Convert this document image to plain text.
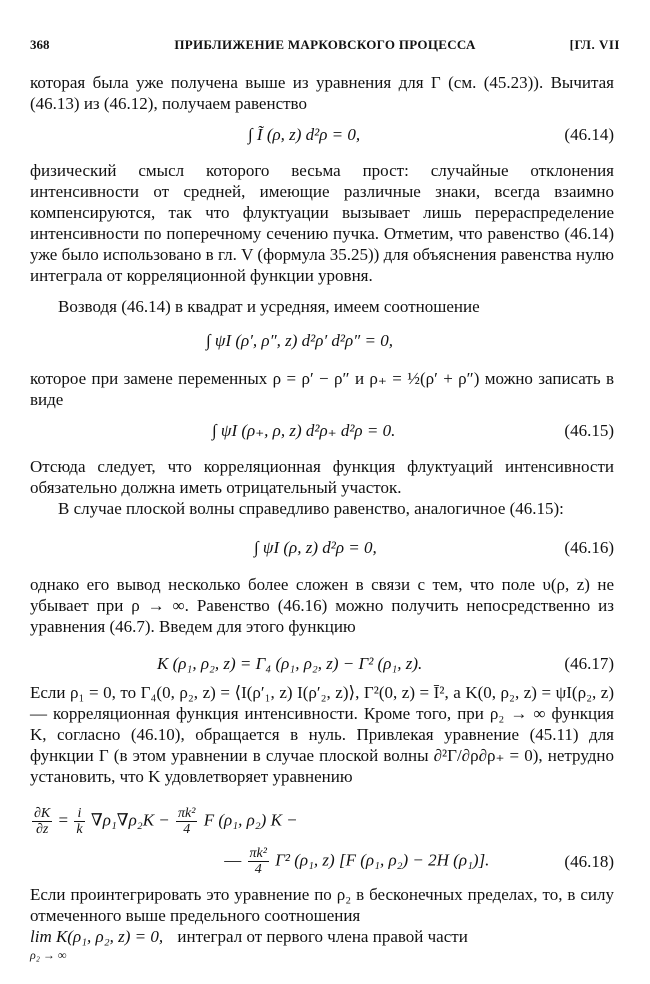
368	ПРИБЛИЖЕНИЕ МАРКОВСКОГО ПРОЦЕССА	[ГЛ. VII
которая была уже получена выше из уравнения для Γ (см. (45.23)). Вычитая (46.13) из (46.12), получаем равенство
∫ Ĩ (ρ, z) d²ρ = 0,	(46.14)
физический смысл которого весьма прост: случайные отклонения интенсивности от средней, имеющие различные знаки, всегда взаимно компенсируются, так что флуктуации вызывает лишь перераспределение интенсивности по поперечному сечению пучка. Отметим, что равенство (46.14) уже было использовано в гл. V (формула 35.25)) для объяснения равенства нулю интеграла от корреляционной функции уровня.
Возводя (46.14) в квадрат и усредняя, имеем соотношение
∫ ψI (ρ′, ρ″, z) d²ρ′ d²ρ″ = 0,
которое при замене переменных ρ = ρ′ − ρ″ и ρ₊ = ½(ρ′ + ρ″) можно записать в виде
∫ ψI (ρ₊, ρ, z) d²ρ₊ d²ρ = 0.	(46.15)
Отсюда следует, что корреляционная функция флуктуаций интенсивности обязательно должна иметь отрицательный участок.
В случае плоской волны справедливо равенство, аналогичное (46.15):
∫ ψI (ρ, z) d²ρ = 0,	(46.16)
однако его вывод несколько более сложен в связи с тем, что поле υ(ρ, z) не убывает при ρ → ∞. Равенство (46.16) можно получить непосредственно из уравнения (46.7). Введем для этого функцию
K (ρ₁, ρ₂, z) = Γ₄ (ρ₁, ρ₂, z) − Γ² (ρ₁, z).	(46.17)
Если ρ₁ = 0, то Γ₄(0, ρ₂, z) = ⟨I(ρ′₁, z) I(ρ′₂, z)⟩, Γ²(0, z) = Ī², а K(0, ρ₂, z) = ψI(ρ₂, z) — корреляционная функция интенсивности. Кроме того, при ρ₂ → ∞ функция K, согласно (46.10), обращается в нуль. Привлекая уравнение (45.11) для функции Γ (в этом уравнении в случае плоской волны ∂²Γ/∂ρ∂ρ₊ = 0), нетрудно установить, что K удовлетворяет уравнению
$\frac{\partial K}{\partial z} = \frac{i}{k} \nabla\rho_1\nabla\rho_2K - \frac{\text{πk²}}{4}$ F (ρ₁, ρ₂) K −
— $\frac{\text{πk²}}{4} \Gamma^2$ (ρ₁, z) [F (ρ₁, ρ₂) − 2H (ρ₁)].	(46.18)
Если проинтегрировать это уравнение по ρ₂ в бесконечных пределах, то, в силу отмеченного выше предельного соотношения
lim K(ρ₁, ρ₂, z) = 0, интеграл от первого члена правой части
ρ₂ → ∞
